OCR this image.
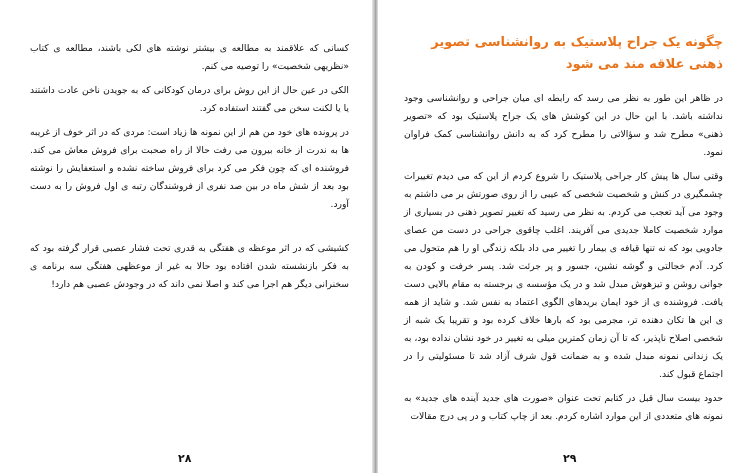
کسانی که علاقمند به مطالعه ی بیشتر نوشته های لکی باشند، مطالعه ی کتاب «نظریهی شخصیت» را توصیه می کنم.

الکی در عین حال از این روش برای درمان کودکانی که به جویدن ناخن عادت داشتند یا یا لکنت سخن می گفتند استفاده کرد.

در پرونده های خود من هم از این نمونه ها زیاد است: مردی که در اثر خوف از غریبه ها به ندرت از خانه بیرون می رفت حالا از راه صحبت برای فروش معاش می کند. فروشنده ای که چون فکر می کرد برای فروش ساخته نشده و استعفایش را نوشته بود بعد از شش ماه در بین صد نفری از فروشندگان رتبه ی اول فروش را به دست آورد.

کشیشی که در اثر موعظه ی هفتگی به قدری تحت فشار عصبی قرار گرفته بود که به فکر بازنشسته شدن افتاده بود حالا به غیر از موعظهی هفتگی سه برنامه ی سخنرانی دیگر هم اجرا می کند و اصلا نمی داند که در وجودش عصبی هم دارد!

۲۸
چگونه یک جراح پلاستیک به روانشناسی تصویر ذهنی علاقه مند می شود

در ظاهر این طور به نظر می رسد که رابطه ای میان جراحی و روانشناسی وجود نداشته باشد. با این حال در این کوشش های یک جراح پلاستیک بود که «تصویر ذهنی» مطرح شد و سؤالاتی را مطرح کرد که به دانش روانشناسی کمک فراوان نمود.

وقتی سال ها پیش کار جراحی پلاستیک را شروع کردم از این که می دیدم تغییرات چشمگیری در کنش و شخصیت شخصی که عیبی را از روی صورتش بر می داشتم به وجود می آید تعجب می کردم. به نظر می رسید که تغییر تصویر ذهنی در بسیاری از موارد شخصیت کاملا جدیدی می آفریند. اغلب چاقوی جراحی در دست من عصای جادویی بود که نه تنها قیافه ی بیمار را تغییر می داد بلکه زندگی او را هم متحول می کرد. آدم خجالتی و گوشه نشین، جسور و پر جرئت شد. پسر خرفت و کودن به جوانی روشن و تیزهوش مبدل شد و در یک مؤسسه ی برجسته به مقام بالایی دست یافت. فروشنده ی از خود ایمان بریدهای الگوی اعتماد به نفس شد. و شاید از همه ی این ها تکان دهنده تر، مجرمی بود که بارها خلاف کرده بود و تقریبا یک شبه از شخصی اصلاح ناپذیر، که تا آن زمان کمترین میلی به تغییر در خود نشان نداده بود، به یک زندانی نمونه مبدل شده و به ضمانت قول شرف آزاد شد تا مسئولیتی را در اجتماع قبول کند.

حدود بیست سال قبل در کتابم تحت عنوان «صورت های جدید آینده های جدید» به نمونه های متعددی از این موارد اشاره کردم. بعد از چاپ کتاب و در پی درج مقالات

۲۹
